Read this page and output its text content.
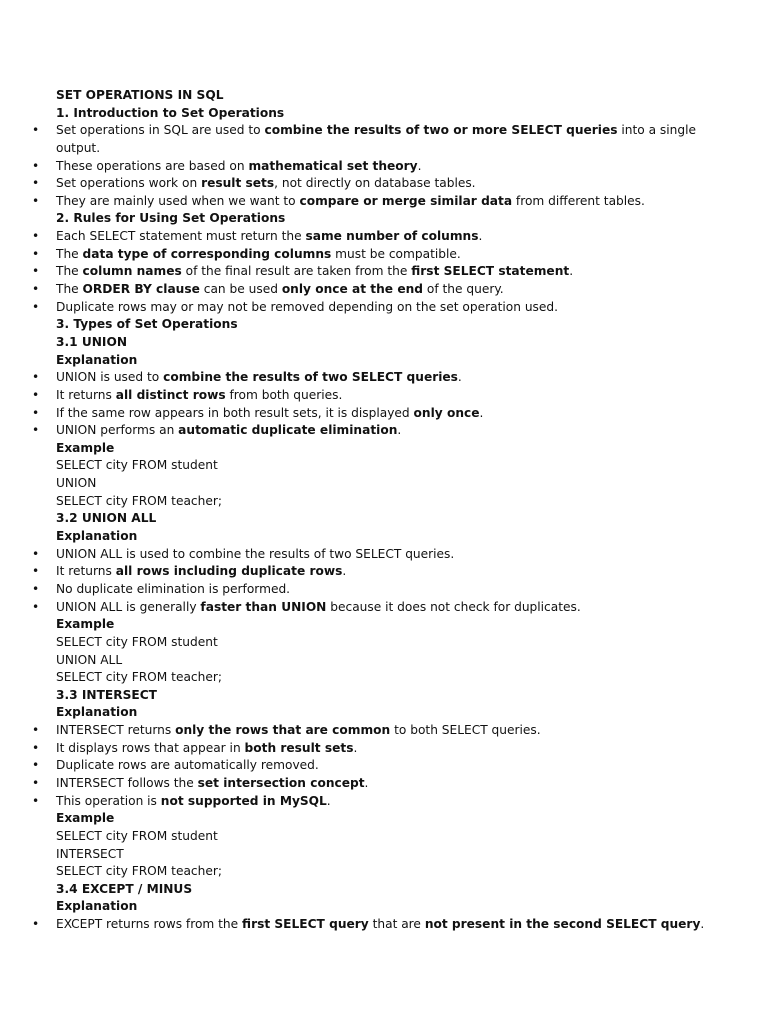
SET OPERATIONS IN SQL
1. Introduction to Set Operations
• Set operations in SQL are used to combine the results of two or more SELECT queries into a single
output.
• These operations are based on mathematical set theory.
• Set operations work on result sets, not directly on database tables.
• They are mainly used when we want to compare or merge similar data from different tables.
2. Rules for Using Set Operations
• Each SELECT statement must return the same number of columns.
• The data type of corresponding columns must be compatible.
• The column names of the final result are taken from the first SELECT statement.
• The ORDER BY clause can be used only once at the end of the query.
• Duplicate rows may or may not be removed depending on the set operation used.
3. Types of Set Operations
3.1 UNION
Explanation
• UNION is used to combine the results of two SELECT queries.
• It returns all distinct rows from both queries.
• If the same row appears in both result sets, it is displayed only once.
• UNION performs an automatic duplicate elimination.
Example
SELECT city FROM student
UNION
SELECT city FROM teacher;
3.2 UNION ALL
Explanation
• UNION ALL is used to combine the results of two SELECT queries.
• It returns all rows including duplicate rows.
• No duplicate elimination is performed.
• UNION ALL is generally faster than UNION because it does not check for duplicates.
Example
SELECT city FROM student
UNION ALL
SELECT city FROM teacher;
3.3 INTERSECT
Explanation
• INTERSECT returns only the rows that are common to both SELECT queries.
• It displays rows that appear in both result sets.
• Duplicate rows are automatically removed.
• INTERSECT follows the set intersection concept.
• This operation is not supported in MySQL.
Example
SELECT city FROM student
INTERSECT
SELECT city FROM teacher;
3.4 EXCEPT / MINUS
Explanation
• EXCEPT returns rows from the first SELECT query that are not present in the second SELECT query.
